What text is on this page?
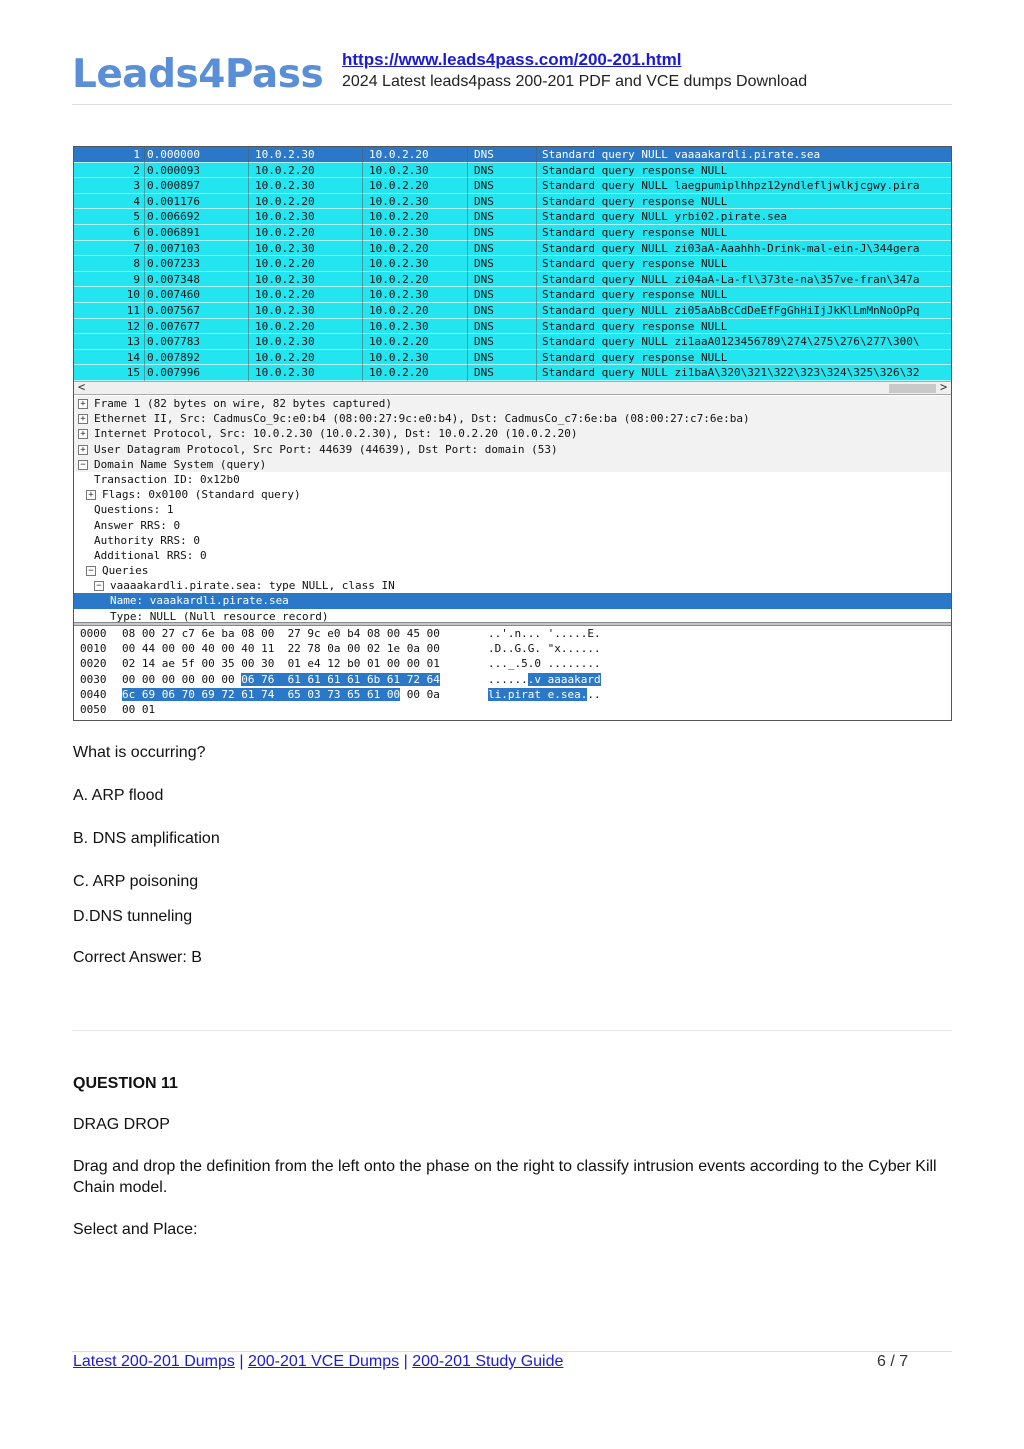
Leads4Pass https://www.leads4pass.com/200-201.html
2024 Latest leads4pass 200-201 PDF and VCE dumps Download
1 0.000000	10.0.2.30	10.0.2.20	DNS	Standard query NULL vaaaakardli.pirate.sea
2 0.000093	10.0.2.20	10.0.2.30	DNS	Standard query response NULL
3 0.000897	10.0.2.30	10.0.2.20	DNS	Standard query NULL laegpumiplhhpz12yndlefljwlkjcgwy.pira
4 0.001176	10.0.2.20	10.0.2.30	DNS	Standard query response NULL
5 0.006692	10.0.2.30	10.0.2.20	DNS	Standard query NULL yrbi02.pirate.sea
6 0.006891	10.0.2.20	10.0.2.30	DNS	Standard query response NULL
7 0.007103	10.0.2.30	10.0.2.20	DNS	Standard query NULL zi03aA-Aaahhh-Drink-mal-ein-J\344gera
8 0.007233	10.0.2.20	10.0.2.30	DNS	Standard query response NULL
9 0.007348	10.0.2.30	10.0.2.20	DNS	Standard query NULL zi04aA-La-fl\373te-na\357ve-fran\347a
10 0.007460	10.0.2.20	10.0.2.30	DNS	Standard query response NULL
11 0.007567	10.0.2.30	10.0.2.20	DNS	Standard query NULL zi05aAbBcCdDeEfFgGhHiIjJkKlLmMnNoOpPq
12 0.007677	10.0.2.20	10.0.2.30	DNS	Standard query response NULL
13 0.007783	10.0.2.30	10.0.2.20	DNS	Standard query NULL zi1aaA0123456789\274\275\276\277\300\
14 0.007892	10.0.2.20	10.0.2.30	DNS	Standard query response NULL
15 0.007996	10.0.2.30	10.0.2.20	DNS	Standard query NULL zi1baA\320\321\322\323\324\325\326\32
<	>
+ Frame 1 (82 bytes on wire, 82 bytes captured)
+ Ethernet II, Src: CadmusCo_9c:e0:b4 (08:00:27:9c:e0:b4), Dst: CadmusCo_c7:6e:ba (08:00:27:c7:6e:ba)
+ Internet Protocol, Src: 10.0.2.30 (10.0.2.30), Dst: 10.0.2.20 (10.0.2.20)
+ User Datagram Protocol, Src Port: 44639 (44639), Dst Port: domain (53)
− Domain Name System (query)
Transaction ID: 0x12b0
+ Flags: 0x0100 (Standard query)
Questions: 1
Answer RRS: 0
Authority RRS: 0
Additional RRS: 0
− Queries
− vaaaakardli.pirate.sea: type NULL, class IN
Name: vaaakardli.pirate.sea
Type: NULL (Null resource record)
0000 08 00 27 c7 6e ba 08 00  27 9c e0 b4 08 00 45 00	..'.n... '.....E.
0010 00 44 00 00 40 00 40 11  22 78 0a 00 02 1e 0a 00	.D..G.G. "x......
0020 02 14 ae 5f 00 35 00 30  01 e4 12 b0 01 00 00 01	..._.5.0 ........
0030 00 00 00 00 00 00 06 76  61 61 61 61 6b 61 72 64	.......v aaaakard
0040 6c 69 06 70 69 72 61 74  65 03 73 65 61 00 00 0a	li.pirat e.sea...
0050 00 01
What is occurring?
A. ARP flood
B. DNS amplification
C. ARP poisoning
D.DNS tunneling
Correct Answer: B
QUESTION 11
DRAG DROP
Drag and drop the definition from the left onto the phase on the right to classify intrusion events according to the Cyber Kill Chain model.
Select and Place:
Latest 200-201 Dumps | 200-201 VCE Dumps | 200-201 Study Guide	6 / 7
